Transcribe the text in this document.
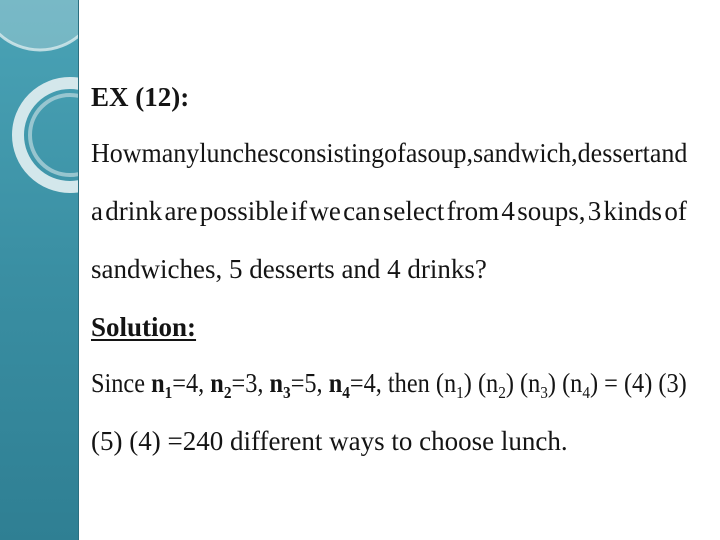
EX (12):
How many lunches consisting of a soup, sandwich, dessert and
a drink are possible if we can select from 4 soups, 3 kinds of
sandwiches, 5 desserts and 4 drinks?
Solution:
Since $n_1=4$, $n_2=3$, $n_3=5$, $n_4=4$, then $(n_1)$ $(n_2)$ $(n_3) (n_4) = (4)$ (3)
(5) (4) =240 different ways to choose lunch.
